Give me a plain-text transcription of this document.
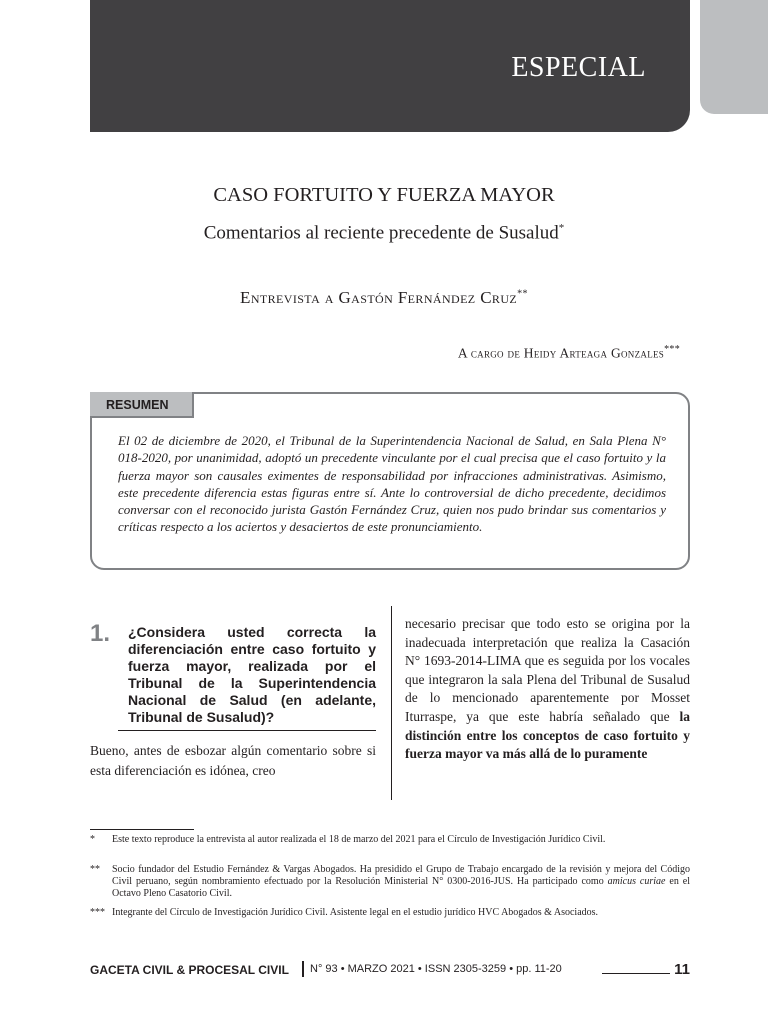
ESPECIAL
CASO FORTUITO Y FUERZA MAYOR
Comentarios al reciente precedente de Susalud*
Entrevista a Gastón Fernández Cruz**
A cargo de Heidy Arteaga Gonzales***
RESUMEN
El 02 de diciembre de 2020, el Tribunal de la Superintendencia Nacional de Salud, en Sala Plena N° 018-2020, por unanimidad, adoptó un precedente vinculante por el cual precisa que el caso fortuito y la fuerza mayor son causales eximentes de responsabilidad por infracciones administrativas. Asimismo, este precedente diferencia estas figuras entre sí. Ante lo controversial de dicho precedente, decidimos conversar con el reconocido jurista Gastón Fernández Cruz, quien nos pudo brindar sus comentarios y críticas respecto a los aciertos y desaciertos de este pronunciamiento.
1. ¿Considera usted correcta la diferenciación entre caso fortuito y fuerza mayor, realizada por el Tribunal de la Superintendencia Nacional de Salud (en adelante, Tribunal de Susalud)?
Bueno, antes de esbozar algún comentario sobre si esta diferenciación es idónea, creo
necesario precisar que todo esto se origina por la inadecuada interpretación que realiza la Casación N° 1693-2014-LIMA que es seguida por los vocales que integraron la sala Plena del Tribunal de Susalud de lo mencionado aparentemente por Mosset Iturraspe, ya que este habría señalado que la distinción entre los conceptos de caso fortuito y fuerza mayor va más allá de lo puramente
* Este texto reproduce la entrevista al autor realizada el 18 de marzo del 2021 para el Círculo de Investigación Jurídico Civil.
** Socio fundador del Estudio Fernández & Vargas Abogados. Ha presidido el Grupo de Trabajo encargado de la revisión y mejora del Código Civil peruano, según nombramiento efectuado por la Resolución Ministerial N° 0300-2016-JUS. Ha participado como amicus curiae en el Octavo Pleno Casatorio Civil.
*** Integrante del Círculo de Investigación Jurídico Civil. Asistente legal en el estudio jurídico HVC Abogados & Asociados.
GACETA CIVIL & PROCESAL CIVIL N° 93 • MARZO 2021 • ISSN 2305-3259 • pp. 11-20	11
